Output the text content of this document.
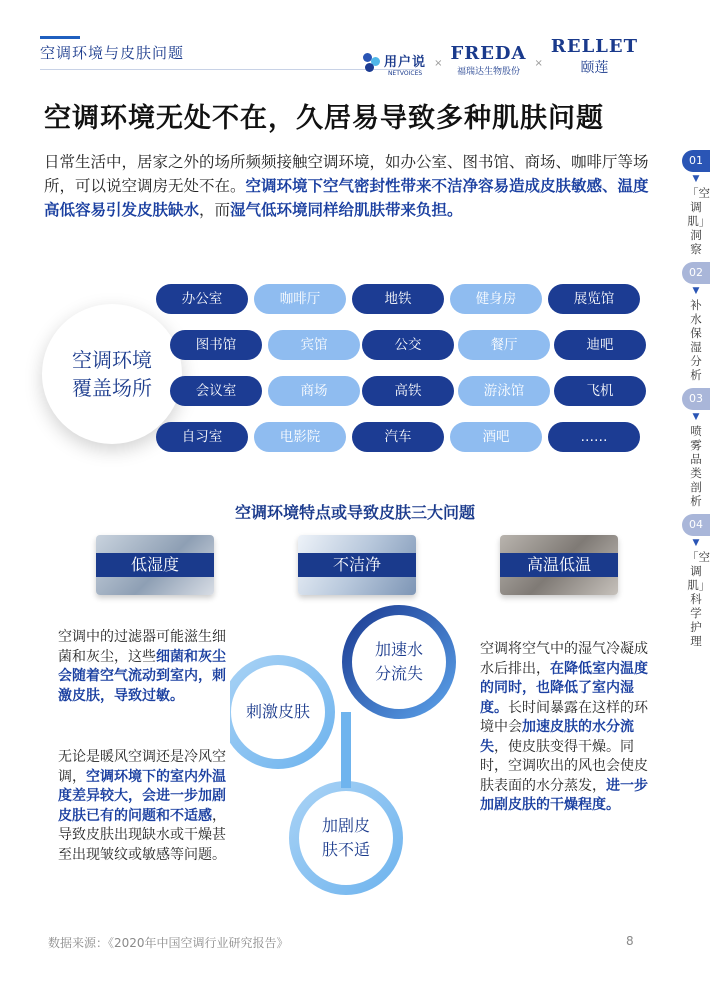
空调环境与皮肤问题
用户说
NETVOICES
× FREDA
福瑞达生物股份
×
RELLET
颐莲
空调环境无处不在，久居易导致多种肌肤问题
日常生活中，居家之外的场所频频接触空调环境，如办公室、图书馆、商场、咖啡厅等场所，可以说空调房无处不在。空调环境下空气密封性带来不洁净容易造成皮肤敏感、温度高低容易引发皮肤缺水，而湿气低环境同样给肌肤带来负担。
01
▼
「空调肌」洞察
02
▼
补水保湿分析
03
▼
喷雾品类剖析
04
▼
「空调肌」科学护理
空调环境
覆盖场所
办公室	咖啡厅	地铁	健身房	展览馆
图书馆	宾馆	公交	餐厅	迪吧
会议室	商场	高铁	游泳馆	飞机
自习室	电影院	汽车	酒吧	……
空调环境特点或导致皮肤三大问题
低湿度	不洁净	高温低温
空调中的过滤器可能滋生细菌和灰尘，这些细菌和灰尘会随着空气流动到室内，刺激皮肤，导致过敏。
无论是暖风空调还是冷风空调，空调环境下的室内外温度差异较大，会进一步加剧皮肤已有的问题和不适感，导致皮肤出现缺水或干燥甚至出现皱纹或敏感等问题。
空调将空气中的湿气冷凝成水后排出，在降低室内温度的同时，也降低了室内湿度。长时间暴露在这样的环境中会加速皮肤的水分流失，使皮肤变得干燥。同时，空调吹出的风也会使皮肤表面的水分蒸发，进一步加剧皮肤的干燥程度。
加速水
分流失
刺激皮肤
加剧皮
肤不适
数据来源：《2020年中国空调行业研究报告》	8
